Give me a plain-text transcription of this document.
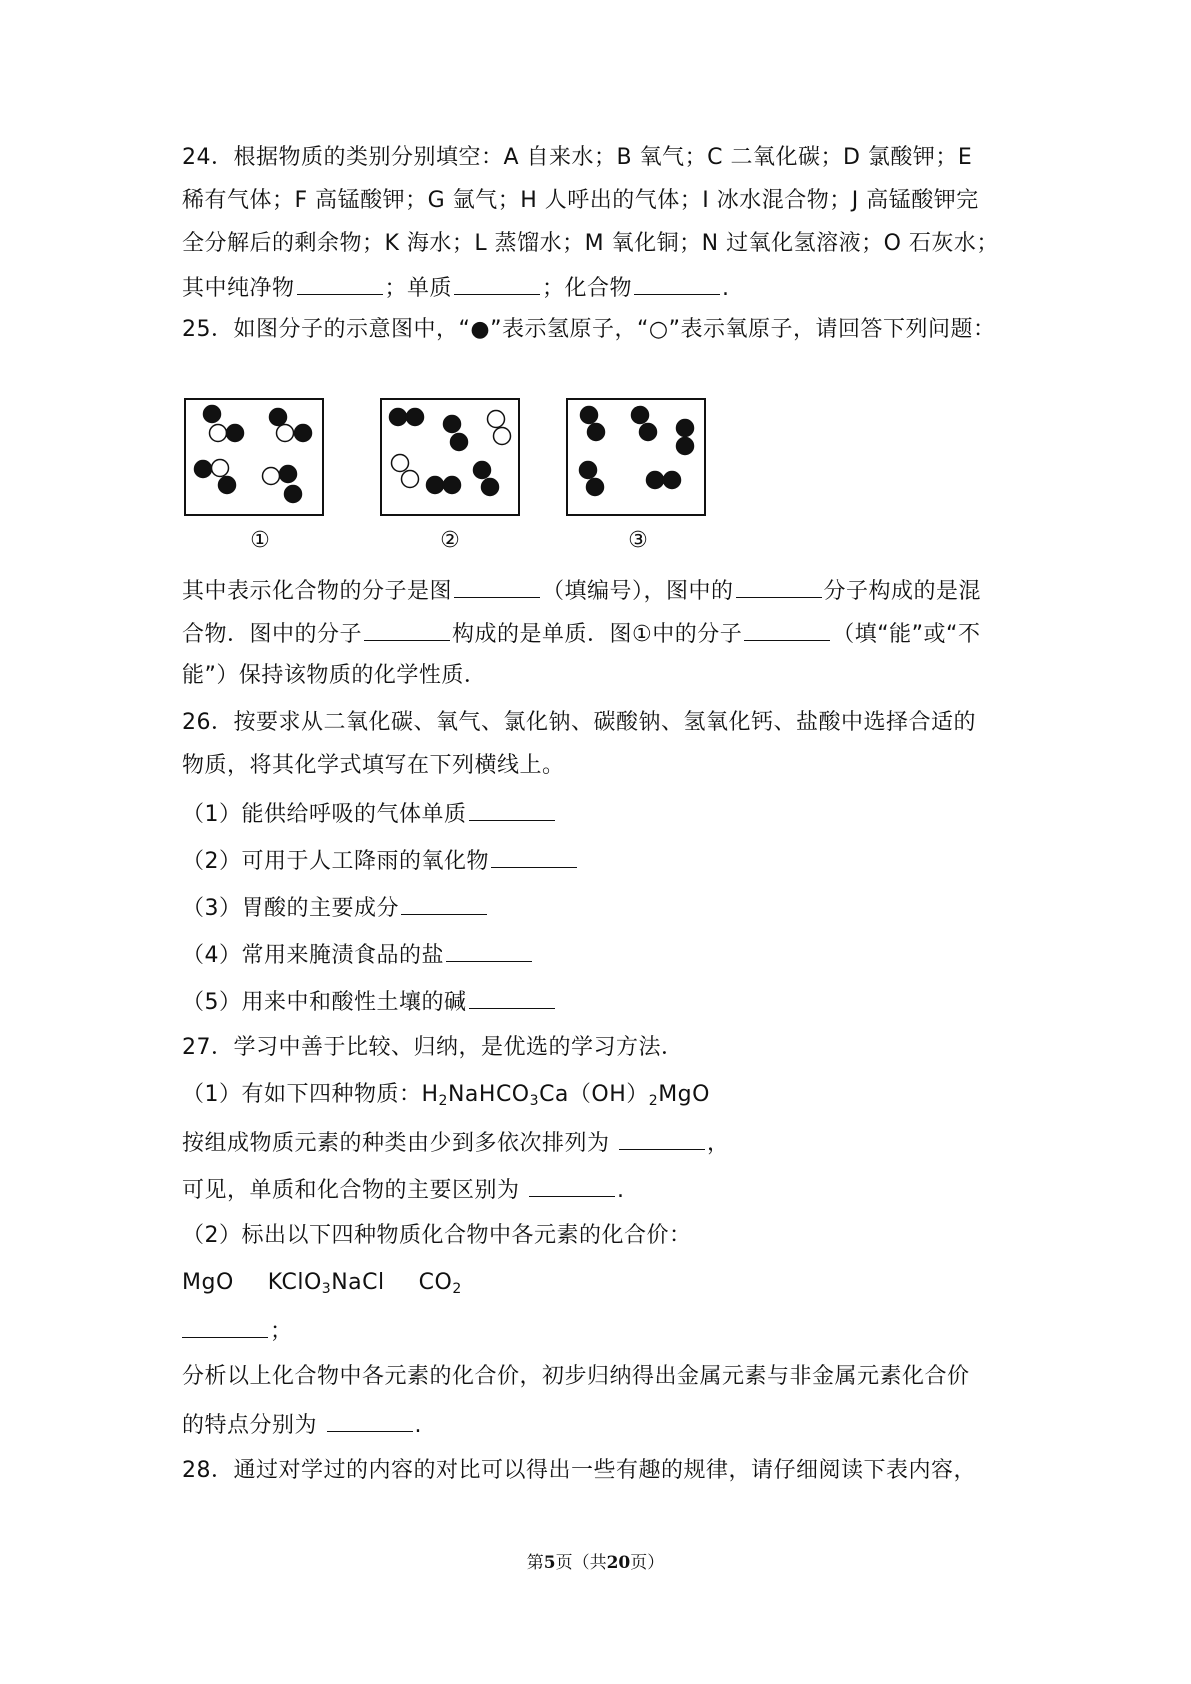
24．根据物质的类别分别填空：A 自来水；B 氧气；C 二氧化碳；D 氯酸钾；E
稀有气体；F 高锰酸钾；G 氩气；H 人呼出的气体；I 冰水混合物；J 高锰酸钾完
全分解后的剩余物；K 海水；L 蒸馏水；M 氧化铜；N 过氧化氢溶液；O 石灰水；
其中纯净物	；单质	；化合物	.
25．如图分子的示意图中，“●”表示氢原子，“○”表示氧原子，请回答下列问题：
①	②	③
其中表示化合物的分子是图	（填编号），图中的	分子构成的是混
合物．图中的分子	构成的是单质．图①中的分子	（填“能”或“不
能”）保持该物质的化学性质．
26．按要求从二氧化碳、氧气、氯化钠、碳酸钠、氢氧化钙、盐酸中选择合适的
物质，将其化学式填写在下列横线上。
（1）能供给呼吸的气体单质
（2）可用于人工降雨的氧化物
（3）胃酸的主要成分
（4）常用来腌渍食品的盐
（5）用来中和酸性土壤的碱
27．学习中善于比较、归纳，是优选的学习方法．
（1）有如下四种物质：$H_2NaHCO_3Ca(OH)_2MgO$
按组成物质元素的种类由少到多依次排列为	，
可见，单质和化合物的主要区别为	.
（2）标出以下四种物质化合物中各元素的化合价：
MgO KClO$_3$NaCl $CO_2$
；
分析以上化合物中各元素的化合价，初步归纳得出金属元素与非金属元素化合价
的特点分别为	.
28．通过对学过的内容的对比可以得出一些有趣的规律，请仔细阅读下表内容，
第5页（共20页）
